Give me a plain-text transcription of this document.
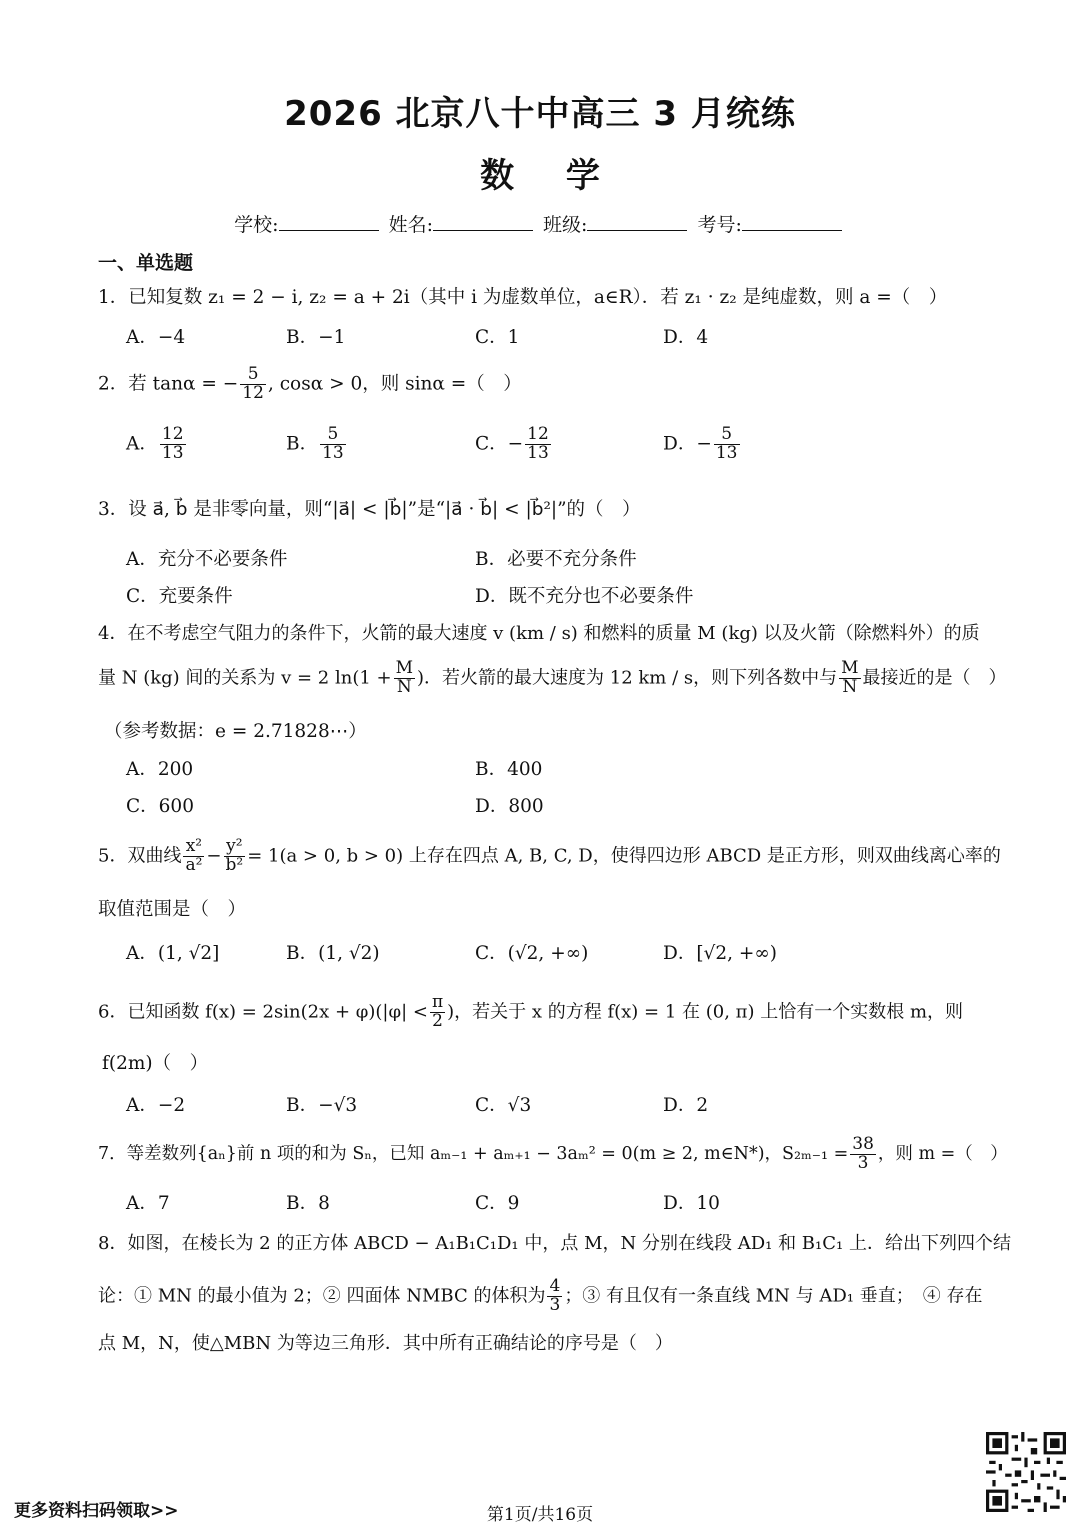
2026 北京八十中高三 3 月统练
数 学
学校:	姓名:	班级:	考号:
一、单选题
1．已知复数 z₁ = 2 − i, z₂ = a + 2i（其中 i 为虚数单位，a∈R）．若 z₁ · z₂ 是纯虚数，则 a =（　）
A．−4	B．−1	C．1	D．4
2．若 tanα = − $\frac{5}{12}$ , cosα > 0，则 sinα =（　）
A． $\frac{12}{13}$	B． $\frac{5}{13}$	C．− $\frac{12}{13}$	D．− $\frac{5}{13}$
3．设 a⃗, b⃗ 是非零向量，则“|a⃗| < |b⃗|”是“|a⃗ · b⃗| < |b⃗²|”的（　）
A．充分不必要条件	B．必要不充分条件
C．充要条件	D．既不充分也不必要条件
4．在不考虑空气阻力的条件下，火箭的最大速度 v (km / s) 和燃料的质量 M (kg) 以及火箭（除燃料外）的质
量 N (kg) 间的关系为 v = 2 $\ln(1 + \frac{M}{N}$ )．若火箭的最大速度为 12 km / s，则下列各数中与 $\frac{M}{N}$ 最接近的是（　）
（参考数据：e = 2.71828⋯）
A．200	B．400
C．600	D．800
5．双曲线 $\frac{\text{x²}}{\text{a²}} - \frac{\text{y²}}{\text{b²}} = 1(a > 0$, b > 0) 上存在四点 A, B, C, D，使得四边形 ABCD 是正方形，则双曲线离心率的
取值范围是（　）
A．(1, √2]	B．(1, √2)	C．(√2, +∞)	D．[√2, +∞)
6．已知函数 $f(x) = 2\sin(2x + \varphi)(|\varphi| < \frac{\pi}{2}$ )，若关于 x 的方程 f(x) = 1 在 (0, π) 上恰有一个实数根 m，则
f(2m)（　）
A．−2	B．−√3	C．√3	D．2
7．等差数列{aₙ}前 n 项的和为 Sₙ，已知 aₘ₋₁ + aₘ₊₁ − 3aₘ² = 0(m ≥ 2, m∈N*)，$S_{2m-1} = \frac{38}{3}$ ，则 m =（　）
A．7	B．8	C．9	D．10
8．如图，在棱长为 2 的正方体 ABCD − A₁B₁C₁D₁ 中，点 M，N 分别在线段 AD₁ 和 B₁C₁ 上．给出下列四个结
论：① MN 的最小值为 2；② 四面体 NMBC 的体积为 $\frac{4}{3}$ ；③ 有且仅有一条直线 MN 与 AD₁ 垂直；　④ 存在
点 M，N，使△MBN 为等边三角形．其中所有正确结论的序号是（　）
更多资料扫码领取>>	第1页/共16页
